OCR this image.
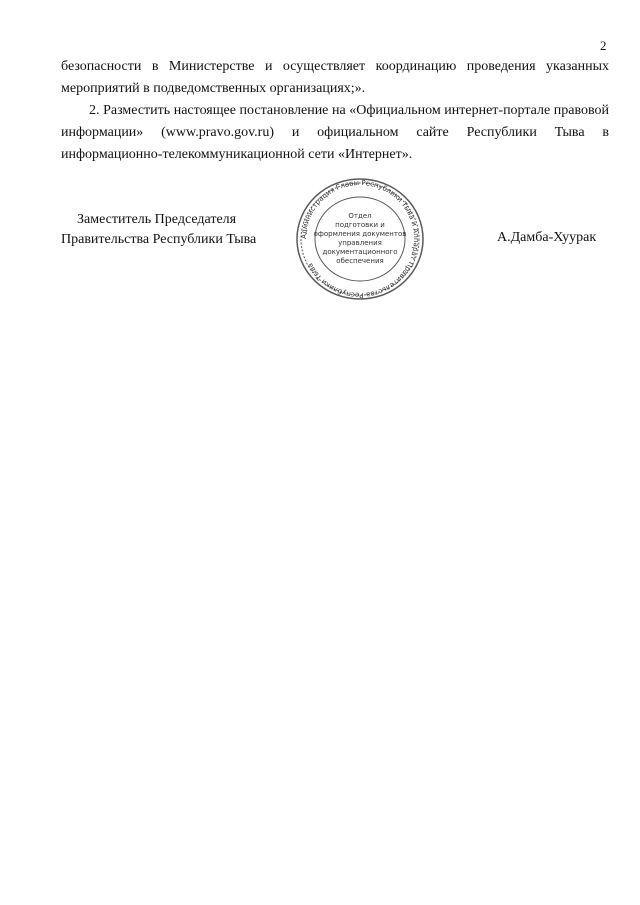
2

безопасности в Министерстве и осуществляет координацию проведения указанных мероприятий в подведомственных организациях;».

2. Разместить настоящее постановление на «Официальном интернет-портале правовой информации» (www.pravo.gov.ru) и официальном сайте Республики Тыва в информационно-телекоммуникационной сети «Интернет».

Заместитель Председателя
Правительства Республики Тыва	Администрация Главы Республики Тыва и Аппарат Правительства Республики Тыва
Отдел
подготовки и
оформления документов
управления
документационного
обеспечения
А.Дамба-Хуурак
